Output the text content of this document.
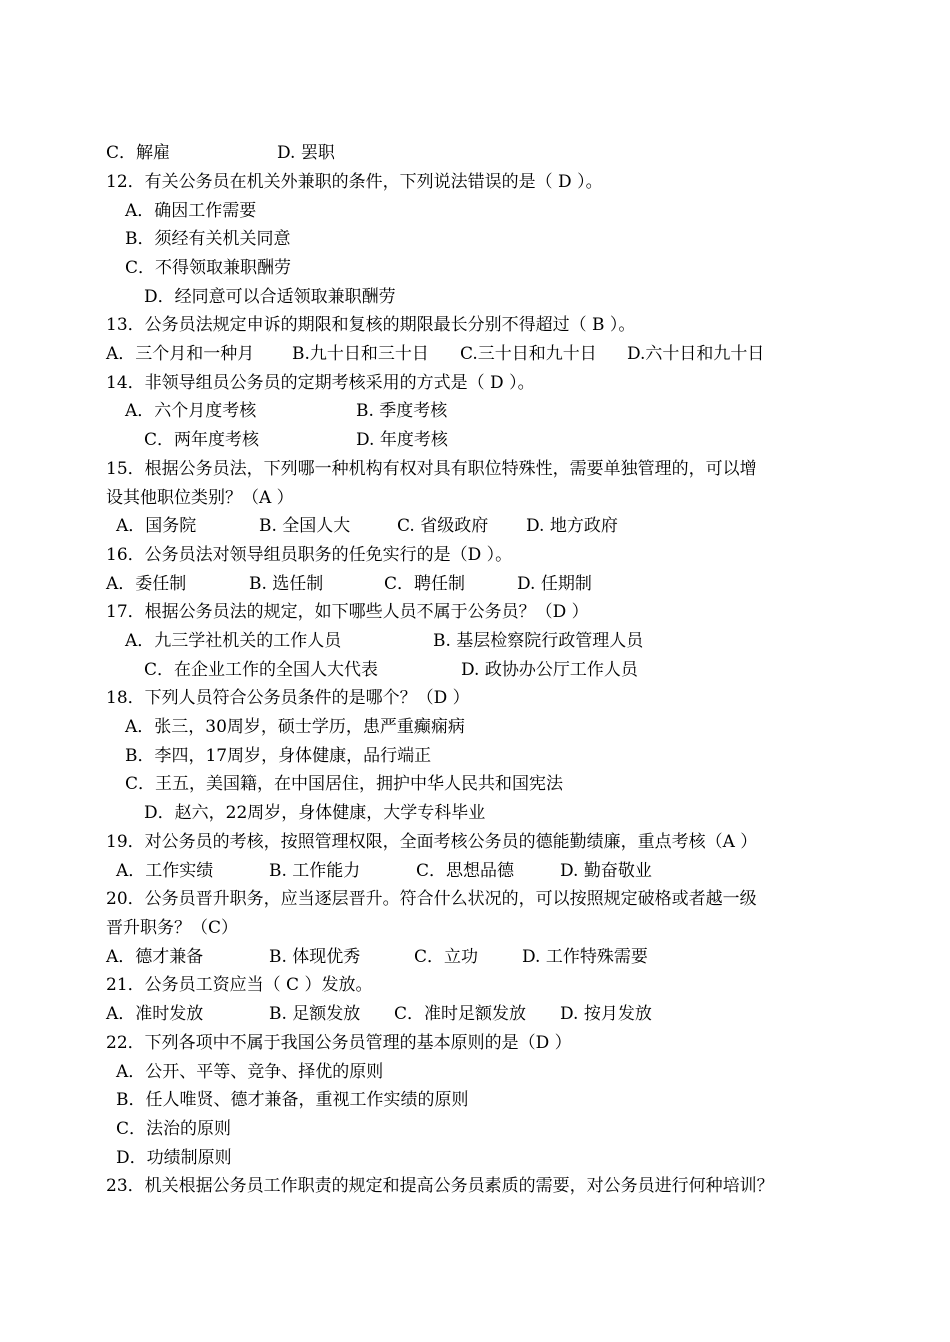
C．解雇	D. 罢职
12．有关公务员在机关外兼职的条件，下列说法错误的是（ D ）。
A．确因工作需要
B．须经有关机关同意
C．不得领取兼职酬劳
D．经同意可以合适领取兼职酬劳
13．公务员法规定申诉的期限和复核的期限最长分别不得超过（ B ）。
A．三个月和一种月 B.九十日和三十日 C.三十日和九十日 D.六十日和九十日
14．非领导组员公务员的定期考核采用的方式是（ D ）。
A．六个月度考核	B. 季度考核
C．两年度考核	D. 年度考核
15．根据公务员法，下列哪一种机构有权对具有职位特殊性，需要单独管理的，可以增
设其他职位类别？（A ）
A．国务院	B. 全国人大	C. 省级政府 D. 地方政府
16．公务员法对领导组员职务的任免实行的是（D ）。
A．委任制	B. 选任制	C．聘任制	D. 任期制
17．根据公务员法的规定，如下哪些人员不属于公务员？（D ）
A．九三学社机关的工作人员	B. 基层检察院行政管理人员
C．在企业工作的全国人大代表	D. 政协办公厅工作人员
18．下列人员符合公务员条件的是哪个？（D ）
A．张三，30周岁，硕士学历，患严重癫痫病
B．李四，17周岁，身体健康，品行端正
C．王五，美国籍，在中国居住，拥护中华人民共和国宪法
D．赵六，22周岁，身体健康，大学专科毕业
19．对公务员的考核，按照管理权限，全面考核公务员的德能勤绩廉，重点考核（A ）
A．工作实绩	B. 工作能力	C．思想品德	D. 勤奋敬业
20．公务员晋升职务，应当逐层晋升。符合什么状况的，可以按照规定破格或者越一级
晋升职务？（C）
A．德才兼备	B. 体现优秀	C．立功	D. 工作特殊需要
21．公务员工资应当（ C ）发放。
A．准时发放	B. 足额发放 C．准时足额发放 D. 按月发放
22．下列各项中不属于我国公务员管理的基本原则的是（D ）
A．公开、平等、竞争、择优的原则
B．任人唯贤、德才兼备，重视工作实绩的原则
C．法治的原则
D．功绩制原则
23．机关根据公务员工作职责的规定和提高公务员素质的需要，对公务员进行何种培训？
